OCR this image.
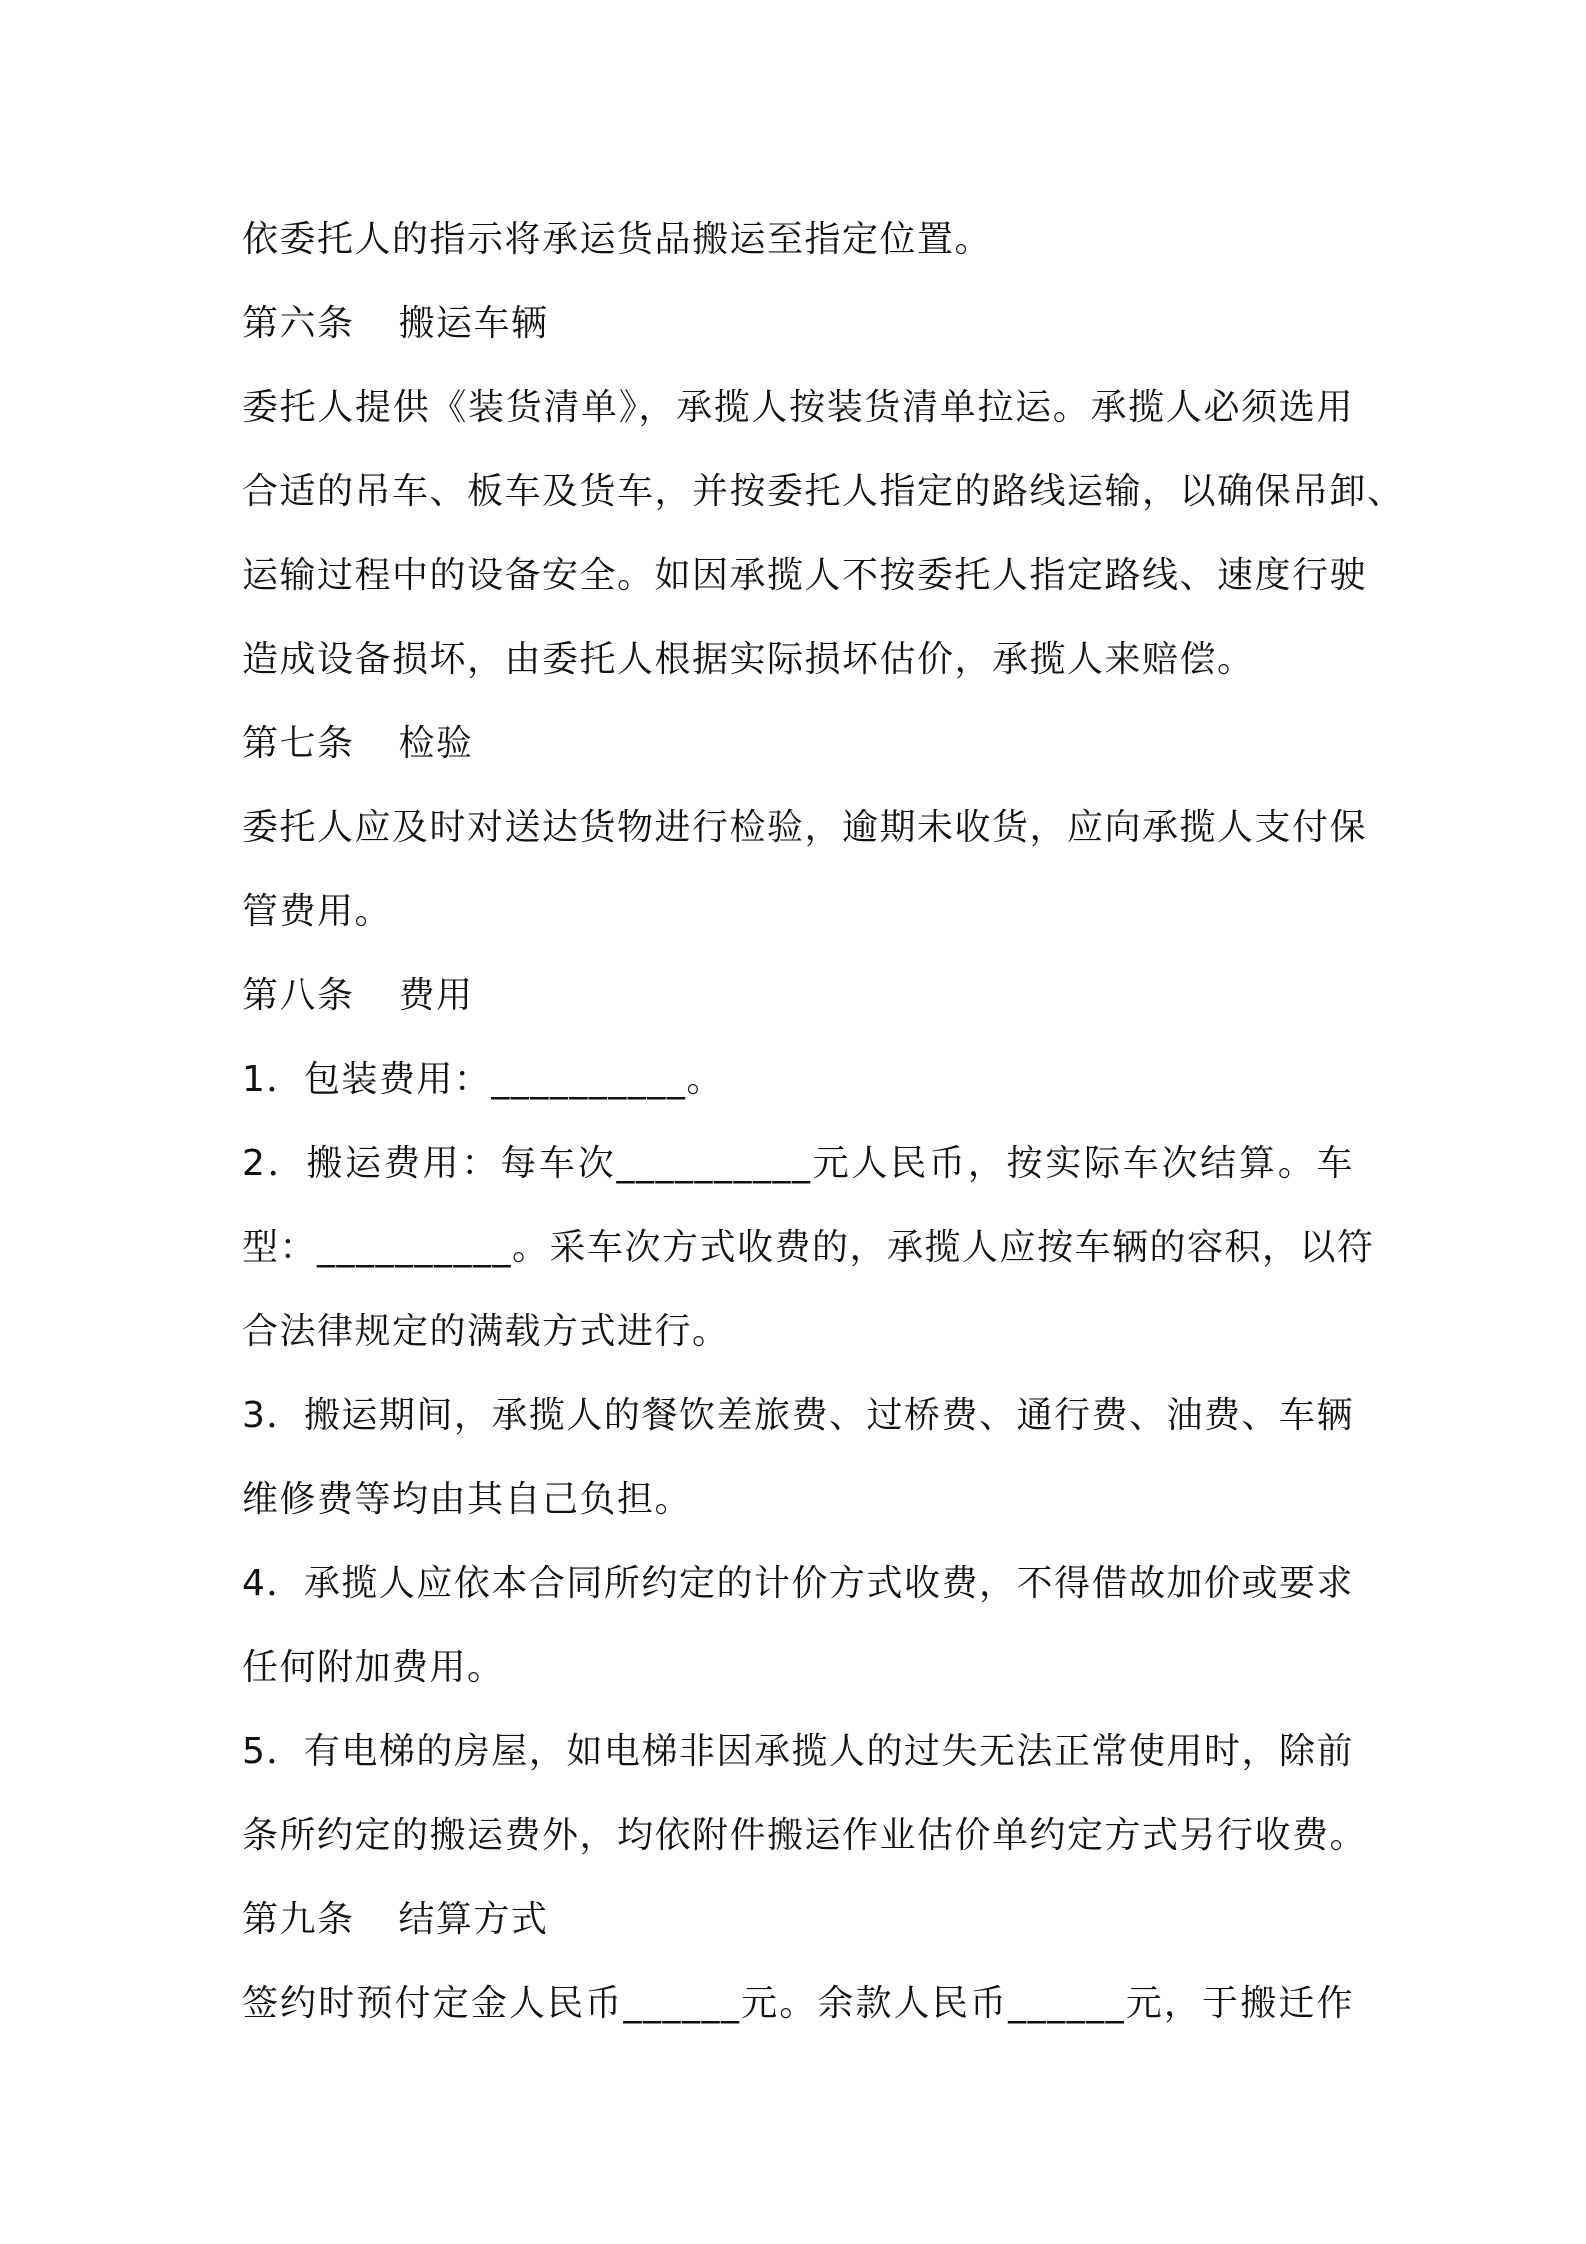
依委托人的指示将承运货品搬运至指定位置。
第六条 搬运车辆
委托人提供《装货清单》，承揽人按装货清单拉运。承揽人必须选用
合适的吊车、板车及货车，并按委托人指定的路线运输，以确保吊卸、
运输过程中的设备安全。如因承揽人不按委托人指定路线、速度行驶
造成设备损坏，由委托人根据实际损坏估价，承揽人来赔偿。
第七条 检验
委托人应及时对送达货物进行检验，逾期未收货，应向承揽人支付保
管费用。
第八条 费用
1．包装费用：__________。
2．搬运费用：每车次__________元人民币，按实际车次结算。车
型：__________。采车次方式收费的，承揽人应按车辆的容积，以符
合法律规定的满载方式进行。
3．搬运期间，承揽人的餐饮差旅费、过桥费、通行费、油费、车辆
维修费等均由其自己负担。
4．承揽人应依本合同所约定的计价方式收费，不得借故加价或要求
任何附加费用。
5．有电梯的房屋，如电梯非因承揽人的过失无法正常使用时，除前
条所约定的搬运费外，均依附件搬运作业估价单约定方式另行收费。
第九条 结算方式
签约时预付定金人民币______元。余款人民币______元，于搬迁作
